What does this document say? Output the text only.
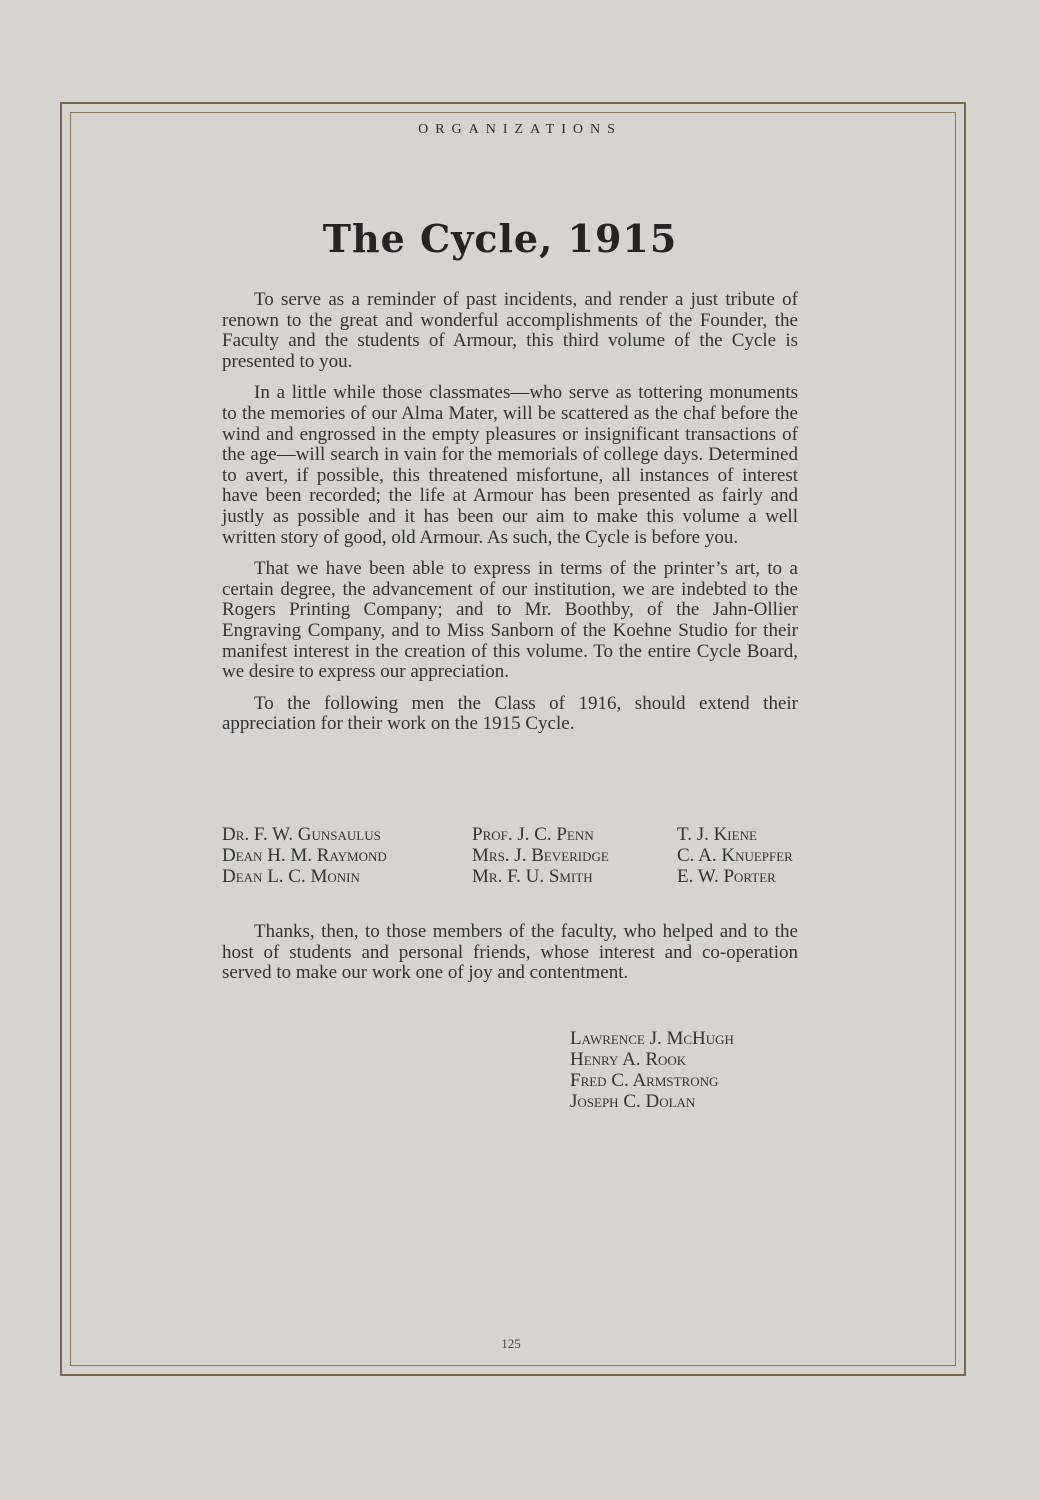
ORGANIZATIONS
The Cycle, 1915

To serve as a reminder of past incidents, and render a just tribute of renown to the great and wonderful accomplishments of the Founder, the Faculty and the students of Armour, this third volume of the Cycle is presented to you.

In a little while those classmates—who serve as tottering monuments to the memories of our Alma Mater, will be scattered as the chaf before the wind and engrossed in the empty pleasures or insignificant transactions of the age—will search in vain for the memorials of college days. Determined to avert, if possible, this threatened misfortune, all instances of interest have been recorded; the life at Armour has been presented as fairly and justly as possible and it has been our aim to make this volume a well written story of good, old Armour. As such, the Cycle is before you.

That we have been able to express in terms of the printer’s art, to a certain degree, the advancement of our institution, we are indebted to the Rogers Printing Company; and to Mr. Boothby, of the Jahn-Ollier Engraving Company, and to Miss Sanborn of the Koehne Studio for their manifest interest in the creation of this volume. To the entire Cycle Board, we desire to express our appreciation.

To the following men the Class of 1916, should extend their appreciation for their work on the 1915 Cycle.

Dr. F. W. Gunsaulus
Dean H. M. Raymond
Dean L. C. Monin
Prof. J. C. Penn
Mrs. J. Beveridge
Mr. F. U. Smith
T. J. Kiene
C. A. Knuepfer
E. W. Porter

Thanks, then, to those members of the faculty, who helped and to the host of students and personal friends, whose interest and co-operation served to make our work one of joy and contentment.

Lawrence J. McHugh
Henry A. Rook
Fred C. Armstrong
Joseph C. Dolan
125
